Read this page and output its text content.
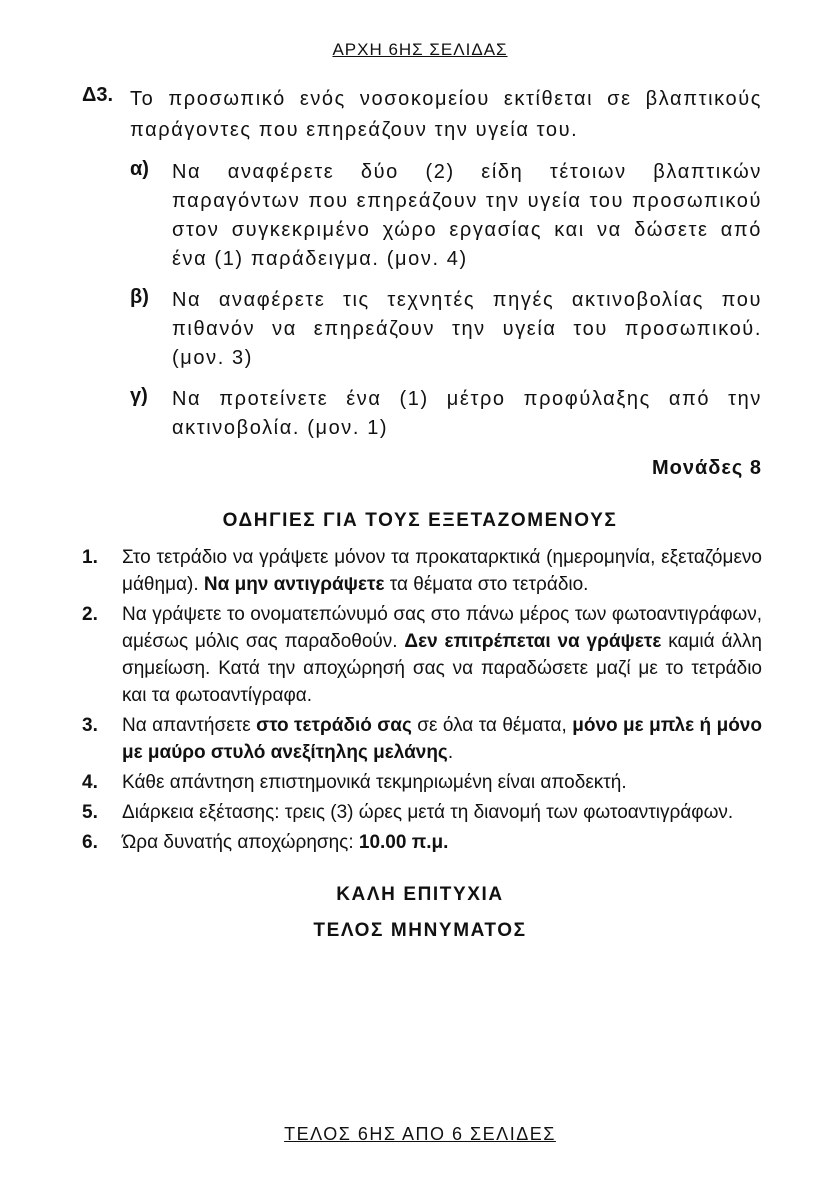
ΑΡΧΗ 6ΗΣ ΣΕΛΙΔΑΣ
Δ3. Το προσωπικό ενός νοσοκομείου εκτίθεται σε βλαπτικούς παράγοντες που επηρεάζουν την υγεία του.
α) Να αναφέρετε δύο (2) είδη τέτοιων βλαπτικών παραγόντων που επηρεάζουν την υγεία του προσωπικού στον συγκεκριμένο χώρο εργασίας και να δώσετε από ένα (1) παράδειγμα. (μον. 4)
β) Να αναφέρετε τις τεχνητές πηγές ακτινοβολίας που πιθανόν να επηρεάζουν την υγεία του προσωπικού. (μον. 3)
γ) Να προτείνετε ένα (1) μέτρο προφύλαξης από την ακτινοβολία. (μον. 1)
Μονάδες 8
ΟΔΗΓΙΕΣ ΓΙΑ ΤΟΥΣ ΕΞΕΤΑΖΟΜΕΝΟΥΣ
1. Στο τετράδιο να γράψετε μόνον τα προκαταρκτικά (ημερομηνία, εξεταζόμενο μάθημα). Να μην αντιγράψετε τα θέματα στο τετράδιο.
2. Να γράψετε το ονοματεπώνυμό σας στο πάνω μέρος των φωτοαντιγράφων, αμέσως μόλις σας παραδοθούν. Δεν επιτρέπεται να γράψετε καμιά άλλη σημείωση. Κατά την αποχώρησή σας να παραδώσετε μαζί με το τετράδιο και τα φωτοαντίγραφα.
3. Να απαντήσετε στο τετράδιό σας σε όλα τα θέματα, μόνο με μπλε ή μόνο με μαύρο στυλό ανεξίτηλης μελάνης.
4. Κάθε απάντηση επιστημονικά τεκμηριωμένη είναι αποδεκτή.
5. Διάρκεια εξέτασης: τρεις (3) ώρες μετά τη διανομή των φωτοαντιγράφων.
6. Ώρα δυνατής αποχώρησης: 10.00 π.μ.
ΚΑΛΗ ΕΠΙΤΥΧΙΑ
ΤΕΛΟΣ ΜΗΝΥΜΑΤΟΣ
ΤΕΛΟΣ 6ΗΣ ΑΠΟ 6 ΣΕΛΙΔΕΣ
